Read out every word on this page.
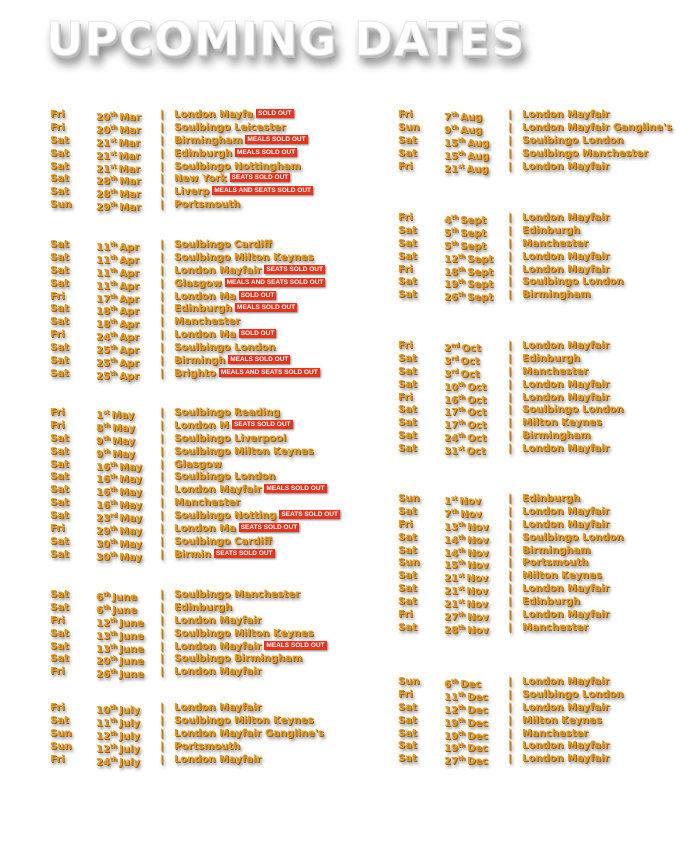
UPCOMING DATES
Fri	20th Mar | London Mayfa SOLD OUT
Fri	20th Mar | Soulbingo Leicester
Sat	21st Mar | Birmingham MEALS SOLD OUT
Sat	21st Mar | Edinburgh MEALS SOLD OUT
Sat	21st Mar | Soulbingo Nottingham
Sat	28th Mar | New York SEATS SOLD OUT
Sat	28th Mar | Liverp MEALS AND SEATS SOLD OUT
Sun 29th Mar | Portsmouth
Sat	11th Apr | Soulbingo Cardiff
Sat	11th Apr | Soulbingo Milton Keynes
Sat	11th Apr | London Mayfair SEATS SOLD OUT
Sat	11th Apr | Glasgow MEALS AND SEATS SOLD OUT
Fri	17th Apr | London Ma SOLD OUT
Sat	18th Apr | Edinburgh MEALS SOLD OUT
Sat	18th Apr | Manchester
Fri	24th Apr | London Ma SOLD OUT
Sat	25th Apr | Soulbingo London
Sat	25th Apr | Birmingh MEALS SOLD OUT
Sat	25th Apr | Brighto MEALS AND SEATS SOLD OUT
Fri	1st May	| Soulbingo Reading
Fri	8th May | London M SEATS SOLD OUT
Sat	9th May | Soulbingo Liverpool
Sat	9th May | Soulbingo Milton Keynes
Sat	16th May | Glasgow
Sat	16th May | Soulbingo London
Sat	16th May | London Mayfair MEALS SOLD OUT
Sat	16th May | Manchester
Sat	23rd May | Soulbingo Notting SEATS SOLD OUT
Fri	29th May | London Ma SEATS SOLD OUT
Sat	30th May | Soulbingo Cardiff
Sat	30th May | Birmin SEATS SOLD OUT
Sat	6th June | Soulbingo Manchester
Sat	6th June | Edinburgh
Fri	12th June | London Mayfair
Sat	13th June | Soulbingo Milton Keynes
Sat	13th June | London Mayfair MEALS SOLD OUT
Sat	20th June | Soulbingo Birmingham
Fri	26th June | London Mayfair
Fri	10th July | London Mayfair
Sat	11th July | Soulbingo Milton Keynes
Sun 12th July | London Mayfair Gangline's
Sun 12th July | Portsmouth
Fri	24th July | London Mayfair
Fri	7th Aug	| London Mayfair
Sun 9th Aug	| London Mayfair Gangline's
Sat	15th Aug | Soulbingo London
Sat	15th Aug | Soulbingo Manchester
Fri	21st Aug | London Mayfair
Fri	4th Sept | London Mayfair
Sat	5th Sept | Edinburgh
Sat	5th Sept | Manchester
Sat	12th Sept | London Mayfair
Fri	18th Sept | London Mayfair
Sat	19th Sept | Soulbingo London
Sat	26th Sept | Birmingham
Fri	2nd Oct	| London Mayfair
Sat	3rd Oct	| Edinburgh
Sat	3rd Oct	| Manchester
Sat	10th Oct | London Mayfair
Fri	16th Oct | London Mayfair
Sat	17th Oct | Soulbingo London
Sat	17th Oct | Milton Keynes
Sat	24th Oct | Birmingham
Sat	31st Oct | London Mayfair
Sun 1st Nov	| Edinburgh
Sat	7th Nov	| London Mayfair
Fri	13th Nov | London Mayfair
Sat	14th Nov | Soulbingo London
Sat	14th Nov | Birmingham
Sun 15th Nov | Portsmouth
Sat	21st Nov | Milton Keynes
Sat	21st Nov | London Mayfair
Sat	21st Nov | Edinburgh
Fri	27th Nov | London Mayfair
Sat	28th Nov | Manchester
Sun 6th Dec	| London Mayfair
Fri	11th Dec | Soulbingo London
Sat	12th Dec | London Mayfair
Sat	19th Dec | Milton Keynes
Sat	19th Dec | Manchester
Sat	19th Dec | London Mayfair
Sat	27th Dec | London Mayfair
